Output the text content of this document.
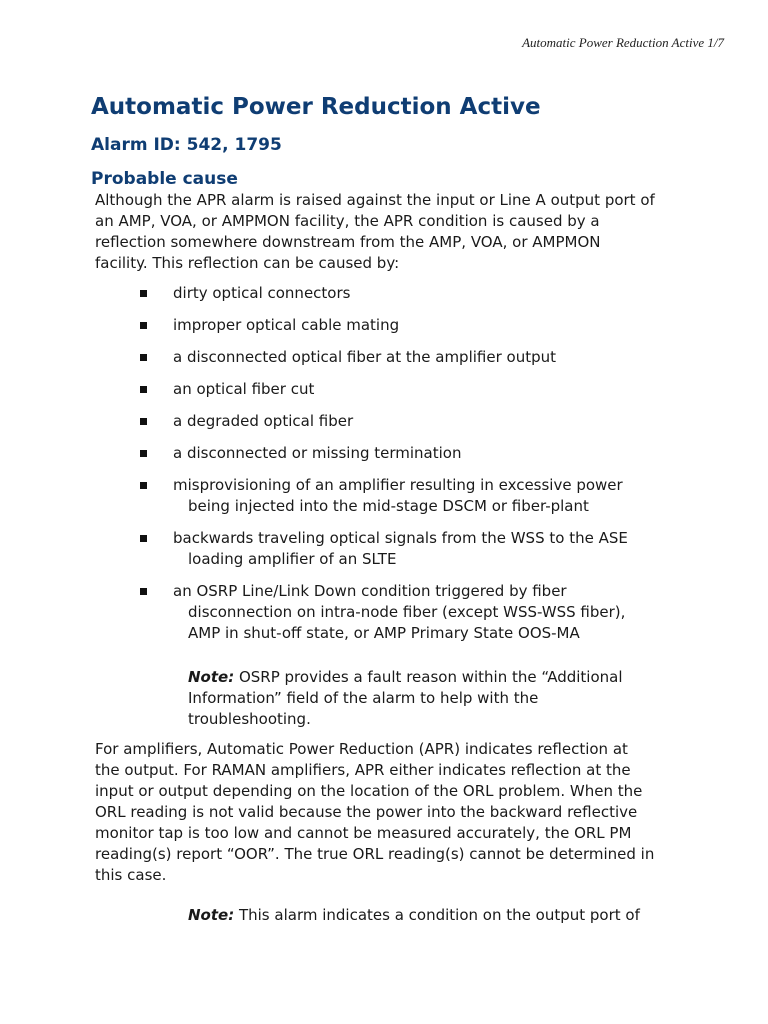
Automatic Power Reduction Active 1/7
Automatic Power Reduction Active
Alarm ID: 542, 1795
Probable cause

Although the APR alarm is raised against the input or Line A output port of an AMP, VOA, or AMPMON facility, the APR condition is caused by a reflection somewhere downstream from the AMP, VOA, or AMPMON facility. This reflection can be caused by:

dirty optical connectors
improper optical cable mating
a disconnected optical fiber at the amplifier output
an optical fiber cut
a degraded optical fiber
a disconnected or missing termination
misprovisioning of an amplifier resulting in excessive power
being injected into the mid-stage DSCM or fiber-plant
backwards traveling optical signals from the WSS to the ASE
loading amplifier of an SLTE
an OSRP Line/Link Down condition triggered by fiber
disconnection on intra-node fiber (except WSS-WSS fiber), AMP in shut-off state, or AMP Primary State OOS-MA

Note: OSRP provides a fault reason within the “Additional Information” field of the alarm to help with the troubleshooting.

For amplifiers, Automatic Power Reduction (APR) indicates reflection at the output. For RAMAN amplifiers, APR either indicates reflection at the input or output depending on the location of the ORL problem. When the ORL reading is not valid because the power into the backward reflective monitor tap is too low and cannot be measured accurately, the ORL PM reading(s) report “OOR”. The true ORL reading(s) cannot be determined in this case.

Note: This alarm indicates a condition on the output port of
